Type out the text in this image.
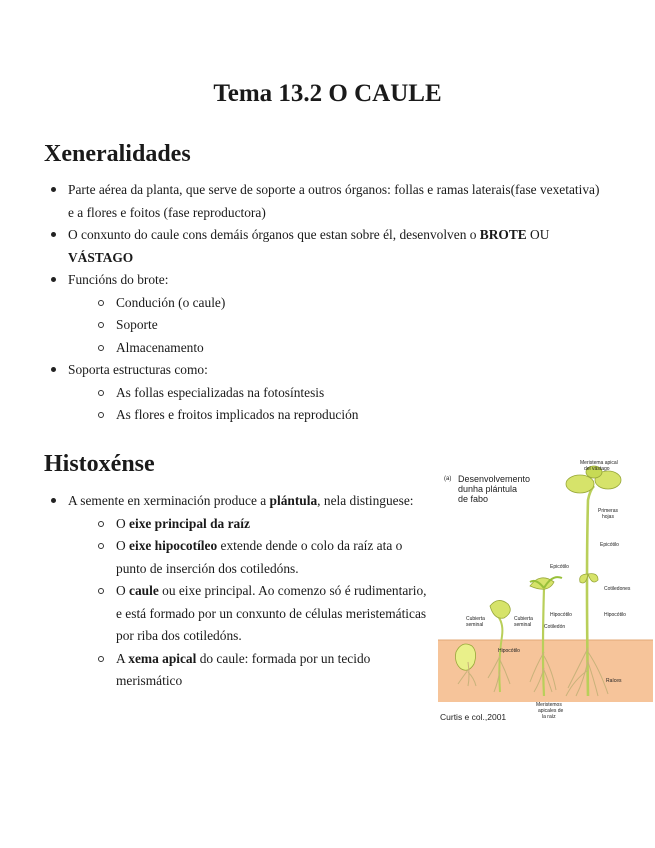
Tema 13.2 O CAULE
Xeneralidades
Parte aérea da planta, que serve de soporte a outros órganos: follas e ramas laterais(fase vexetativa) e a flores e foitos (fase reproductora)
O conxunto do caule cons demáis órganos que estan sobre él, desenvolven o BROTE OU VÁSTAGO
Funcións do brote:
Condución (o caule)
Soporte
Almacenamento
Soporta estructuras como:
As follas especializadas na fotosíntesis
As flores e froitos implicados na reprodución
Histoxénse
A semente en xerminación produce a plántula, nela distinguese:
O eixe principal da raíz
O eixe hipocotíleo extende dende o colo da raíz ata o punto de inserción dos cotiledóns.
O caule ou eixe principal. Ao comenzo só é rudimentario, e está formado por un conxunto de células meristemáticas por riba dos cotiledóns.
A xema apical do caule: formada por un tecido merismático
(a) Desenvolvemento
dunha plántula
de fabo
Meristema apical
del vástago
Primeras
hojas
Epicótilo
Epicótilo
Cotiledones
Cotiledón
Hipocótilo	Hipocótilo
Hipocótilo
Cubierta
seminal
Cubierta
seminal
Raíces
Meristemos
apicales de
la raíz
Curtis e col.,2001
